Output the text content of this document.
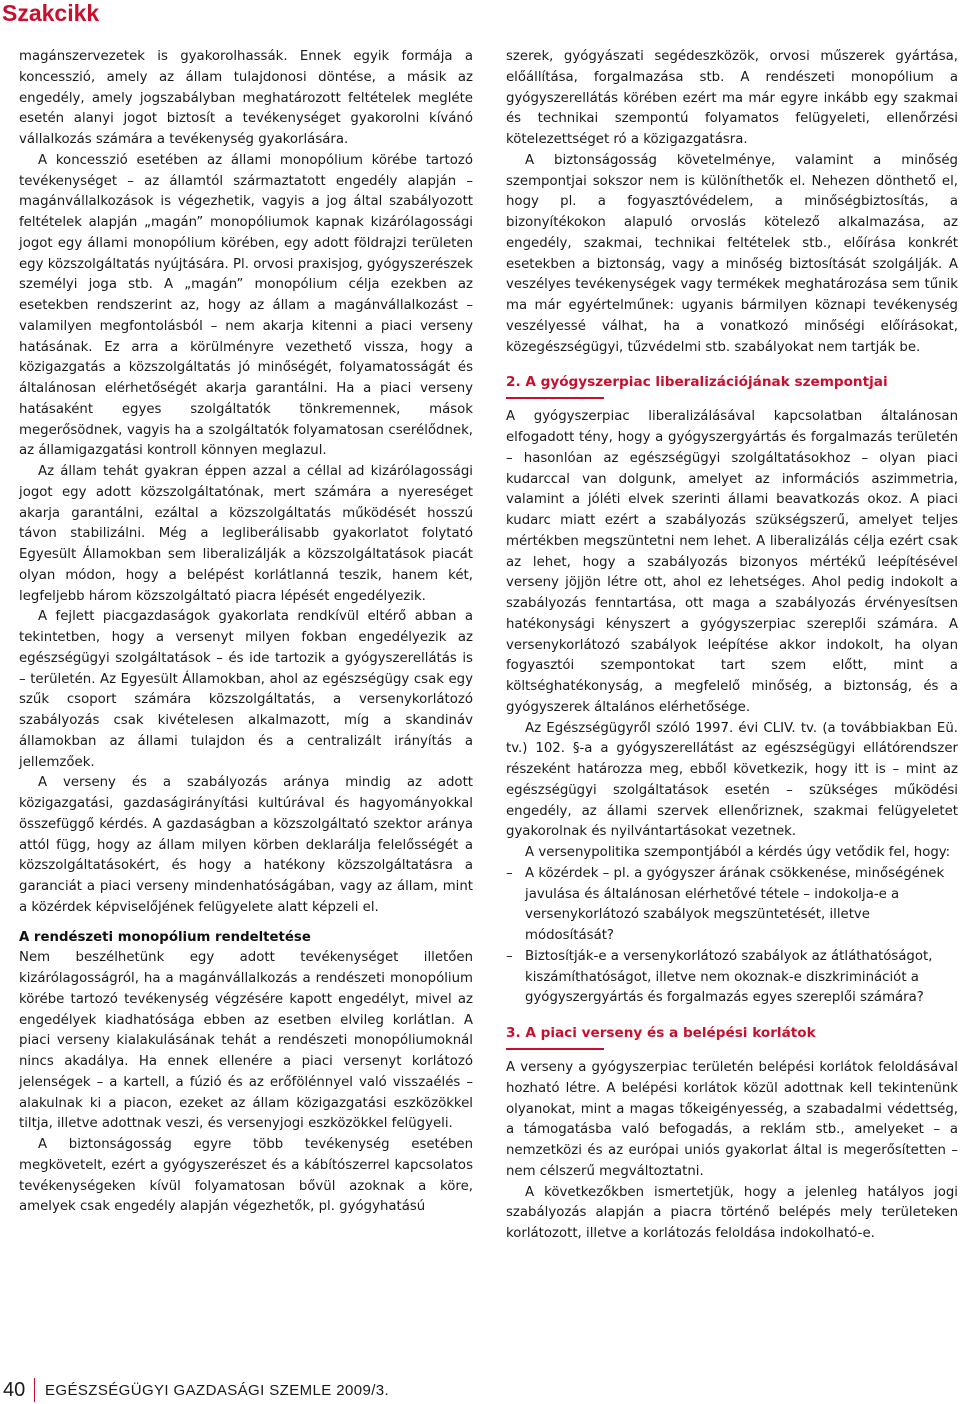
Szakcikk

magánszervezetek is gyakorolhassák. Ennek egyik formája a koncesszió, amely az állam tulajdonosi döntése, a másik az engedély, amely jogszabályban meghatározott feltételek megléte esetén alanyi jogot biztosít a tevékenységet gyakorolni kívánó vállalkozás számára a tevékenység gyakorlására.

A koncesszió esetében az állami monopólium körébe tartozó tevékenységet – az államtól származtatott engedély alapján – magánvállalkozások is végezhetik, vagyis a jog által szabályozott feltételek alapján „magán” monopóliumok kapnak kizárólagossági jogot egy állami monopólium körében, egy adott földrajzi területen egy közszolgáltatás nyújtására. Pl. orvosi praxisjog, gyógyszerészek személyi joga stb. A „magán” monopólium célja ezekben az esetekben rendszerint az, hogy az állam a magánvállalkozást – valamilyen megfontolásból – nem akarja kitenni a piaci verseny hatásának. Ez arra a körülményre vezethető vissza, hogy a közigazgatás a közszolgáltatás jó minőségét, folyamatosságát és általánosan elérhetőségét akarja garantálni. Ha a piaci verseny hatásaként egyes szolgáltatók tönkremennek, mások megerősödnek, vagyis ha a szolgáltatók folyamatosan cserélődnek, az államigazgatási kontroll könnyen meglazul.

Az állam tehát gyakran éppen azzal a céllal ad kizárólagossági jogot egy adott közszolgáltatónak, mert számára a nyereséget akarja garantálni, ezáltal a közszolgáltatás működését hosszú távon stabilizálni. Még a legliberálisabb gyakorlatot folytató Egyesült Államokban sem liberalizálják a közszolgáltatások piacát olyan módon, hogy a belépést korlátlanná teszik, hanem két, legfeljebb három közszolgáltató piacra lépését engedélyezik.

A fejlett piacgazdaságok gyakorlata rendkívül eltérő abban a tekintetben, hogy a versenyt milyen fokban engedélyezik az egészségügyi szolgáltatások – és ide tartozik a gyógyszerellátás is – területén. Az Egyesült Államokban, ahol az egészségügy csak egy szűk csoport számára közszolgáltatás, a versenykorlátozó szabályozás csak kivételesen alkalmazott, míg a skandináv államokban az állami tulajdon és a centralizált irányítás a jellemzőek.

A verseny és a szabályozás aránya mindig az adott közigazgatási, gazdaságirányítási kultúrával és hagyományokkal összefüggő kérdés. A gazdaságban a közszolgáltató szektor aránya attól függ, hogy az állam milyen körben deklarálja felelősségét a közszolgáltatásokért, és hogy a hatékony közszolgáltatásra a garanciát a piaci verseny mindenhatóságában, vagy az állam, mint a közérdek képviselőjének felügyelete alatt képzeli el.

A rendészeti monopólium rendeltetése

Nem beszélhetünk egy adott tevékenységet illetően kizárólagosságról, ha a magánvállalkozás a rendészeti monopólium körébe tartozó tevékenység végzésére kapott engedélyt, mivel az engedélyek kiadhatósága ebben az esetben elvileg korlátlan. A piaci verseny kialakulásának tehát a rendészeti monopóliumoknál nincs akadálya. Ha ennek ellenére a piaci versenyt korlátozó jelenségek – a kartell, a fúzió és az erőfölénnyel való visszaélés – alakulnak ki a piacon, ezeket az állam közigazgatási eszközökkel tiltja, illetve adottnak veszi, és versenyjogi eszközökkel felügyeli.

A biztonságosság egyre több tevékenység esetében megkövetelt, ezért a gyógyszerészet és a kábítószerrel kapcsolatos tevékenységeken kívül folyamatosan bővül azoknak a köre, amelyek csak engedély alapján végezhetők, pl. gyógyhatású

szerek, gyógyászati segédeszközök, orvosi műszerek gyártása, előállítása, forgalmazása stb. A rendészeti monopólium a gyógyszerellátás körében ezért ma már egyre inkább egy szakmai és technikai szempontú folyamatos felügyeleti, ellenőrzési kötelezettséget ró a közigazgatásra.

A biztonságosság követelménye, valamint a minőség szempontjai sokszor nem is különíthetők el. Nehezen dönthető el, hogy pl. a fogyasztóvédelem, a minőségbiztosítás, a bizonyítékokon alapuló orvoslás kötelező alkalmazása, az engedély, szakmai, technikai feltételek stb., előírása konkrét esetekben a biztonság, vagy a minőség biztosítását szolgálják. A veszélyes tevékenységek vagy termékek meghatározása sem tűnik ma már egyértelműnek: ugyanis bármilyen köznapi tevékenység veszélyessé válhat, ha a vonatkozó minőségi előírásokat, közegészségügyi, tűzvédelmi stb. szabályokat nem tartják be.

2. A gyógyszerpiac liberalizációjának szempontjai

A gyógyszerpiac liberalizálásával kapcsolatban általánosan elfogadott tény, hogy a gyógyszergyártás és forgalmazás területén – hasonlóan az egészségügyi szolgáltatásokhoz – olyan piaci kudarccal van dolgunk, amelyet az információs aszimmetria, valamint a jóléti elvek szerinti állami beavatkozás okoz. A piaci kudarc miatt ezért a szabályozás szükségszerű, amelyet teljes mértékben megszüntetni nem lehet. A liberalizálás célja ezért csak az lehet, hogy a szabályozás bizonyos mértékű leépítésével verseny jöjjön létre ott, ahol ez lehetséges. Ahol pedig indokolt a szabályozás fenntartása, ott maga a szabályozás érvényesítsen hatékonysági kényszert a gyógyszerpiac szereplői számára. A versenykorlátozó szabályok leépítése akkor indokolt, ha olyan fogyasztói szempontokat tart szem előtt, mint a költséghatékonyság, a megfelelő minőség, a biztonság, és a gyógyszerek általános elérhetősége.

Az Egészségügyről szóló 1997. évi CLIV. tv. (a továbbiakban Eü. tv.) 102. §-a a gyógyszerellátást az egészségügyi ellátórendszer részeként határozza meg, ebből következik, hogy itt is – mint az egészségügyi szolgáltatások esetén – szükséges működési engedély, az állami szervek ellenőriznek, szakmai felügyeletet gyakorolnak és nyilvántartásokat vezetnek.

A versenypolitika szempontjából a kérdés úgy vetődik fel, hogy:

– A közérdek – pl. a gyógyszer árának csökkenése, minőségének javulása és általánosan elérhetővé tétele – indokolja-e a versenykorlátozó szabályok megszüntetését, illetve módosítását?
– Biztosítják-e a versenykorlátozó szabályok az átláthatóságot, kiszámíthatóságot, illetve nem okoznak-e diszkriminációt a gyógyszergyártás és forgalmazás egyes szereplői számára?
3. A piaci verseny és a belépési korlátok

A verseny a gyógyszerpiac területén belépési korlátok feloldásával hozható létre. A belépési korlátok közül adottnak kell tekintenünk olyanokat, mint a magas tőkeigényesség, a szabadalmi védettség, a támogatásba való befogadás, a reklám stb., amelyeket – a nemzetközi és az európai uniós gyakorlat által is megerősítetten – nem célszerű megváltoztatni.

A következőkben ismertetjük, hogy a jelenleg hatályos jogi szabályozás alapján a piacra történő belépés mely területeken korlátozott, illetve a korlátozás feloldása indokolható-e.

40 EGÉSZSÉGÜGYI GAZDASÁGI SZEMLE 2009/3.
